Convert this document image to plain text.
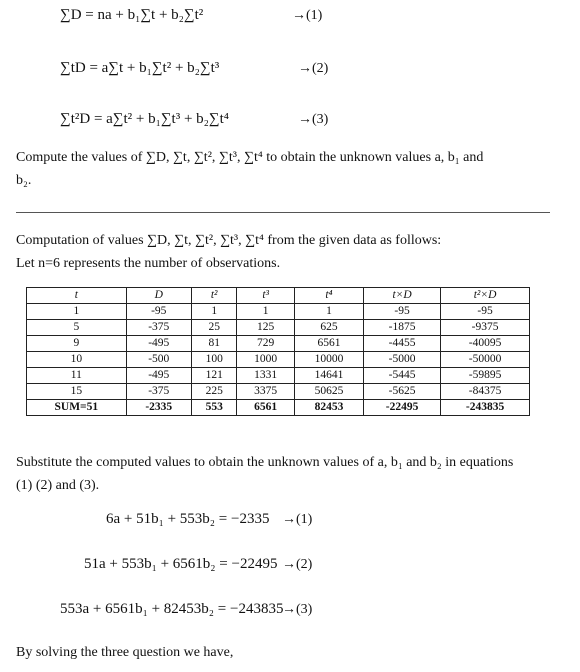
∑D = na + b₁∑t + b₂∑t²	→(1)
∑tD = a∑t + b₁∑t² + b₂∑t³	→(2)
∑t²D = a∑t² + b₁∑t³ + b₂∑t⁴	→(3)
Compute the values of ∑D, ∑t, ∑t², ∑t³, ∑t⁴ to obtain the unknown values a, b₁ and
b₂.
Computation of values ∑D, ∑t, ∑t², ∑t³, ∑t⁴ from the given data as follows:
Let n=6 represents the number of observations.
t	D	t²	t³	t⁴	t×D	t²×D
1	-95	1	1	1	-95	-95
5	-375	25	125	625	-1875	-9375
9	-495	81	729	6561	-4455	-40095
10	-500	100	1000	10000	-5000	-50000
11	-495	121	1331	14641	-5445	-59895
15	-375	225	3375	50625	-5625	-84375
SUM=51	-2335	553	6561	82453	-22495	-243835
Substitute the computed values to obtain the unknown values of a, b₁ and b₂ in equations
(1) (2) and (3).
6a + 51b₁ + 553b₂ = −2335 →(1)
51a + 553b₁ + 6561b₂ = −22495 →(2)
553a + 6561b₁ + 82453b₂ = −243835
→(3)
By solving the three question we have,
